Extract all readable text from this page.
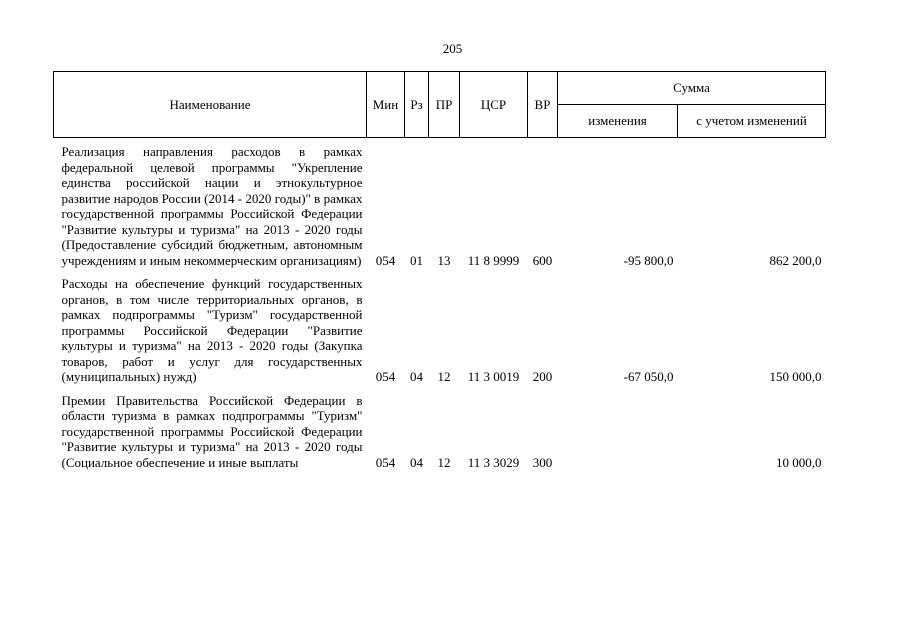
205
Наименование	Мин	Рз	ПР	ЦСР	ВР	Сумма	
						изменения	с учетом изменений
Реализация направления расходов в рамках федеральной целевой программы "Укрепление единства российской нации и этнокультурное развитие народов России (2014 - 2020 годы)" в рамках государственной программы Российской Федерации "Развитие культуры и туризма" на 2013 - 2020 годы (Предоставление субсидий бюджетным, автономным учреждениям и иным некоммерческим организациям)	054	01	13	11 8 9999	600	-95 800,0	862 200,0
Расходы на обеспечение функций государственных органов, в том числе территориальных органов, в рамках подпрограммы "Туризм" государственной программы Российской Федерации "Развитие культуры и туризма" на 2013 - 2020 годы (Закупка товаров, работ и услуг для государственных (муниципальных) нужд)	054	04	12	11 3 0019	200	-67 050,0	150 000,0
Премии Правительства Российской Федерации в области туризма в рамках подпрограммы "Туризм" государственной программы Российской Федерации "Развитие культуры и туризма" на 2013 - 2020 годы (Социальное обеспечение и иные выплаты	054	04	12	11 3 3029	300		10 000,0
